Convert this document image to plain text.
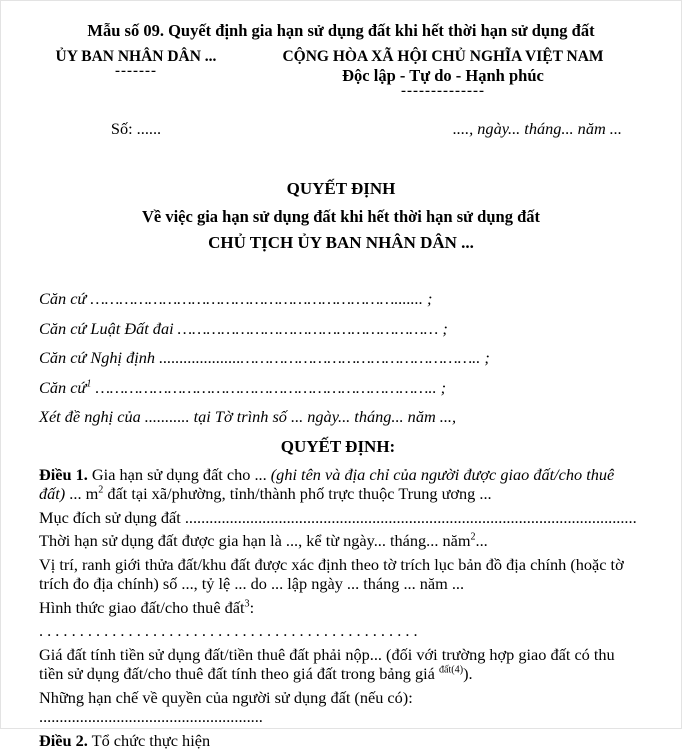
Mẫu số 09. Quyết định gia hạn sử dụng đất khi hết thời hạn sử dụng đất
ỦY BAN NHÂN DÂN ...
-------
CỘNG HÒA XÃ HỘI CHỦ NGHĨA VIỆT NAM
Độc lập - Tự do - Hạnh phúc
--------------
Số: ......	...., ngày... tháng... năm ...
QUYẾT ĐỊNH
Về việc gia hạn sử dụng đất khi hết thời hạn sử dụng đất
CHỦ TỊCH ỦY BAN NHÂN DÂN ...

Căn cứ ………………………………………………………....... ;

Căn cứ Luật Đất đai ……………………………………………… ;

Căn cứ Nghị định ....................………………………………………….. ;

Căn cứ$^1$ …………………………………………………………….. ;

Xét đề nghị của ........... tại Tờ trình số ... ngày... tháng... năm ...,

QUYẾT ĐỊNH:

Điều 1. Gia hạn sử dụng đất cho ... (ghi tên và địa chỉ của người được giao đất/cho thuê đất) ... $m^2$ đất tại xã/phường, tỉnh/thành phố trực thuộc Trung ương ...

Mục đích sử dụng đất ...............................................................................................................

Thời hạn sử dụng đất được gia hạn là ..., kể từ ngày... tháng... năm$^2$...

Vị trí, ranh giới thửa đất/khu đất được xác định theo tờ trích lục bản đồ địa chính (hoặc tờ trích đo địa chính) số ..., tỷ lệ ... do ... lập ngày ... tháng ... năm ...

Hình thức giao đất/cho thuê đất$^3$:

. . . . . . . . . . . . . . . . . . . . . . . . . . . . . . . . . . . . . . . . . . . . . . .

Giá đất tính tiền sử dụng đất/tiền thuê đất phải nộp... (đối với trường hợp giao đất có thu tiền sử dụng đất/cho thuê đất tính theo giá đất trong bảng giá $^{đất(4)}$).

Những hạn chế về quyền của người sử dụng đất (nếu có): .......................................................

Điều 2. Tổ chức thực hiện
